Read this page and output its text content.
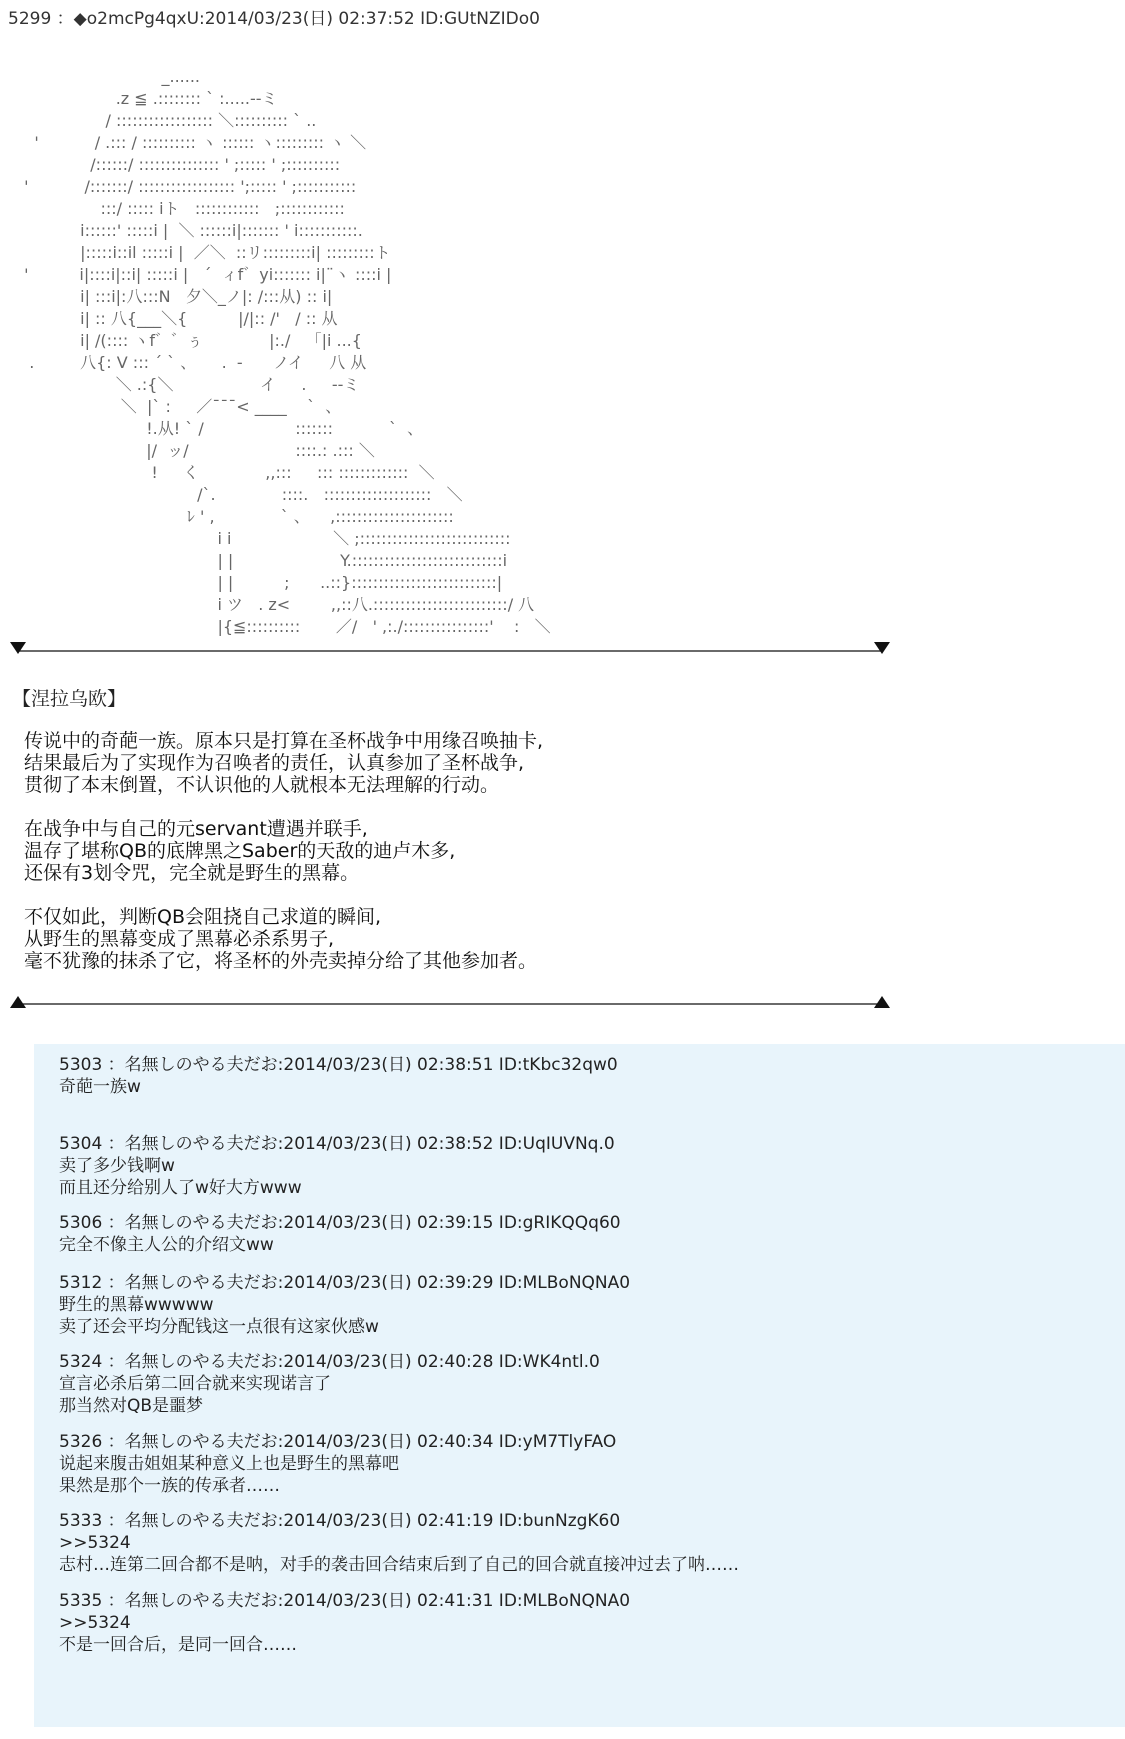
5299 ：◆o2mcPg4qxU:2014/03/23(日) 02:37:52 ID:GUtNZIDo0
_......
.z ≦ .:::::::: ` :.....--ミ
/ :::::::::::::::::: ＼:::::::::: ` ..
'           / .::: / :::::::::: ヽ :::::: ヽ::::::::: ヽ ＼
/::::::/ ::::::::::::::: ' ;::::: ' ;::::::::::
'           /:::::::/ :::::::::::::::::: ';::::: ' ;:::::::::::
:::/ ::::: iト   ::::::::::::   ;::::::::::::
i::::::' :::::i |  ＼ ::::::i|::::::: ' i:::::::::::.
|:::::i::il :::::i |  ／＼  ::リ:::::::::i| :::::::::ト
'          i|::::i|::i| :::::i |   ´  ィf゛yi::::::: i|¨ヽ ::::i |
i| :::i|:八:::N   夕＼_ノ|: /:::从) :: i|
i| :: 八{___＼{          |/|:: /'   / :: 从
i| /(:::: ヽf゛゛ぅ             |:./   「|i ...{
.         八{: V ::: ´ ` 、     .  ‐      ノイ     八 从
＼ .:{＼                 イ     .     --ミ
＼  |` :     ／¯¯¯< ____    `  、
!.从! ` /                  :::::::           `  、
|/  ッ/                     ::::.: .::: ＼
!     く             ,,:::     ::: :::::::::::::  ＼
/`.             ::::.   ::::::::::::::::::::   ＼
ﾚ ' ,             ` 、    ,::::::::::::::::::::::
i i                    ＼ ;::::::::::::::::::::::::::::
| |                     Y.::::::::::::::::::::::::::::i
| |          ;      ..::}:::::::::::::::::::::::::::|
i ツ   . z<        ,,::八.:::::::::::::::::::::::::/ 八
|{≦::::::::::       ／/   ' ,:./::::::::::::::::'    :   ＼
【涅拉乌欧】

传说中的奇葩一族。原本只是打算在圣杯战争中用缘召唤抽卡,
结果最后为了实现作为召唤者的责任，认真参加了圣杯战争,
贯彻了本末倒置，不认识他的人就根本无法理解的行动。

在战争中与自己的元servant遭遇并联手,
温存了堪称QB的底牌黑之Saber的天敌的迪卢木多,
还保有3划令咒，完全就是野生的黑幕。

不仅如此，判断QB会阻挠自己求道的瞬间,
从野生的黑幕变成了黑幕必杀系男子,
毫不犹豫的抹杀了它，将圣杯的外壳卖掉分给了其他参加者。

5303 ：名無しのやる夫だお:2014/03/23(日) 02:38:51 ID:tKbc32qw0
奇葩一族w
5304 ：名無しのやる夫だお:2014/03/23(日) 02:38:52 ID:UqIUVNq.0
卖了多少钱啊w
而且还分给别人了w好大方www
5306 ：名無しのやる夫だお:2014/03/23(日) 02:39:15 ID:gRIKQQq60
完全不像主人公的介绍文ww
5312 ：名無しのやる夫だお:2014/03/23(日) 02:39:29 ID:MLBoNQNA0
野生的黑幕wwwww
卖了还会平均分配钱这一点很有这家伙感w
5324 ：名無しのやる夫だお:2014/03/23(日) 02:40:28 ID:WK4ntl.0
宣言必杀后第二回合就来实现诺言了
那当然对QB是噩梦
5326 ：名無しのやる夫だお:2014/03/23(日) 02:40:34 ID:yM7TlyFAO
说起来腹击姐姐某种意义上也是野生的黑幕吧
果然是那个一族的传承者……
5333 ：名無しのやる夫だお:2014/03/23(日) 02:41:19 ID:bunNzgK60
>>5324
志村…连第二回合都不是呐，对手的袭击回合结束后到了自己的回合就直接冲过去了呐……
5335 ：名無しのやる夫だお:2014/03/23(日) 02:41:31 ID:MLBoNQNA0
>>5324
不是一回合后，是同一回合……
